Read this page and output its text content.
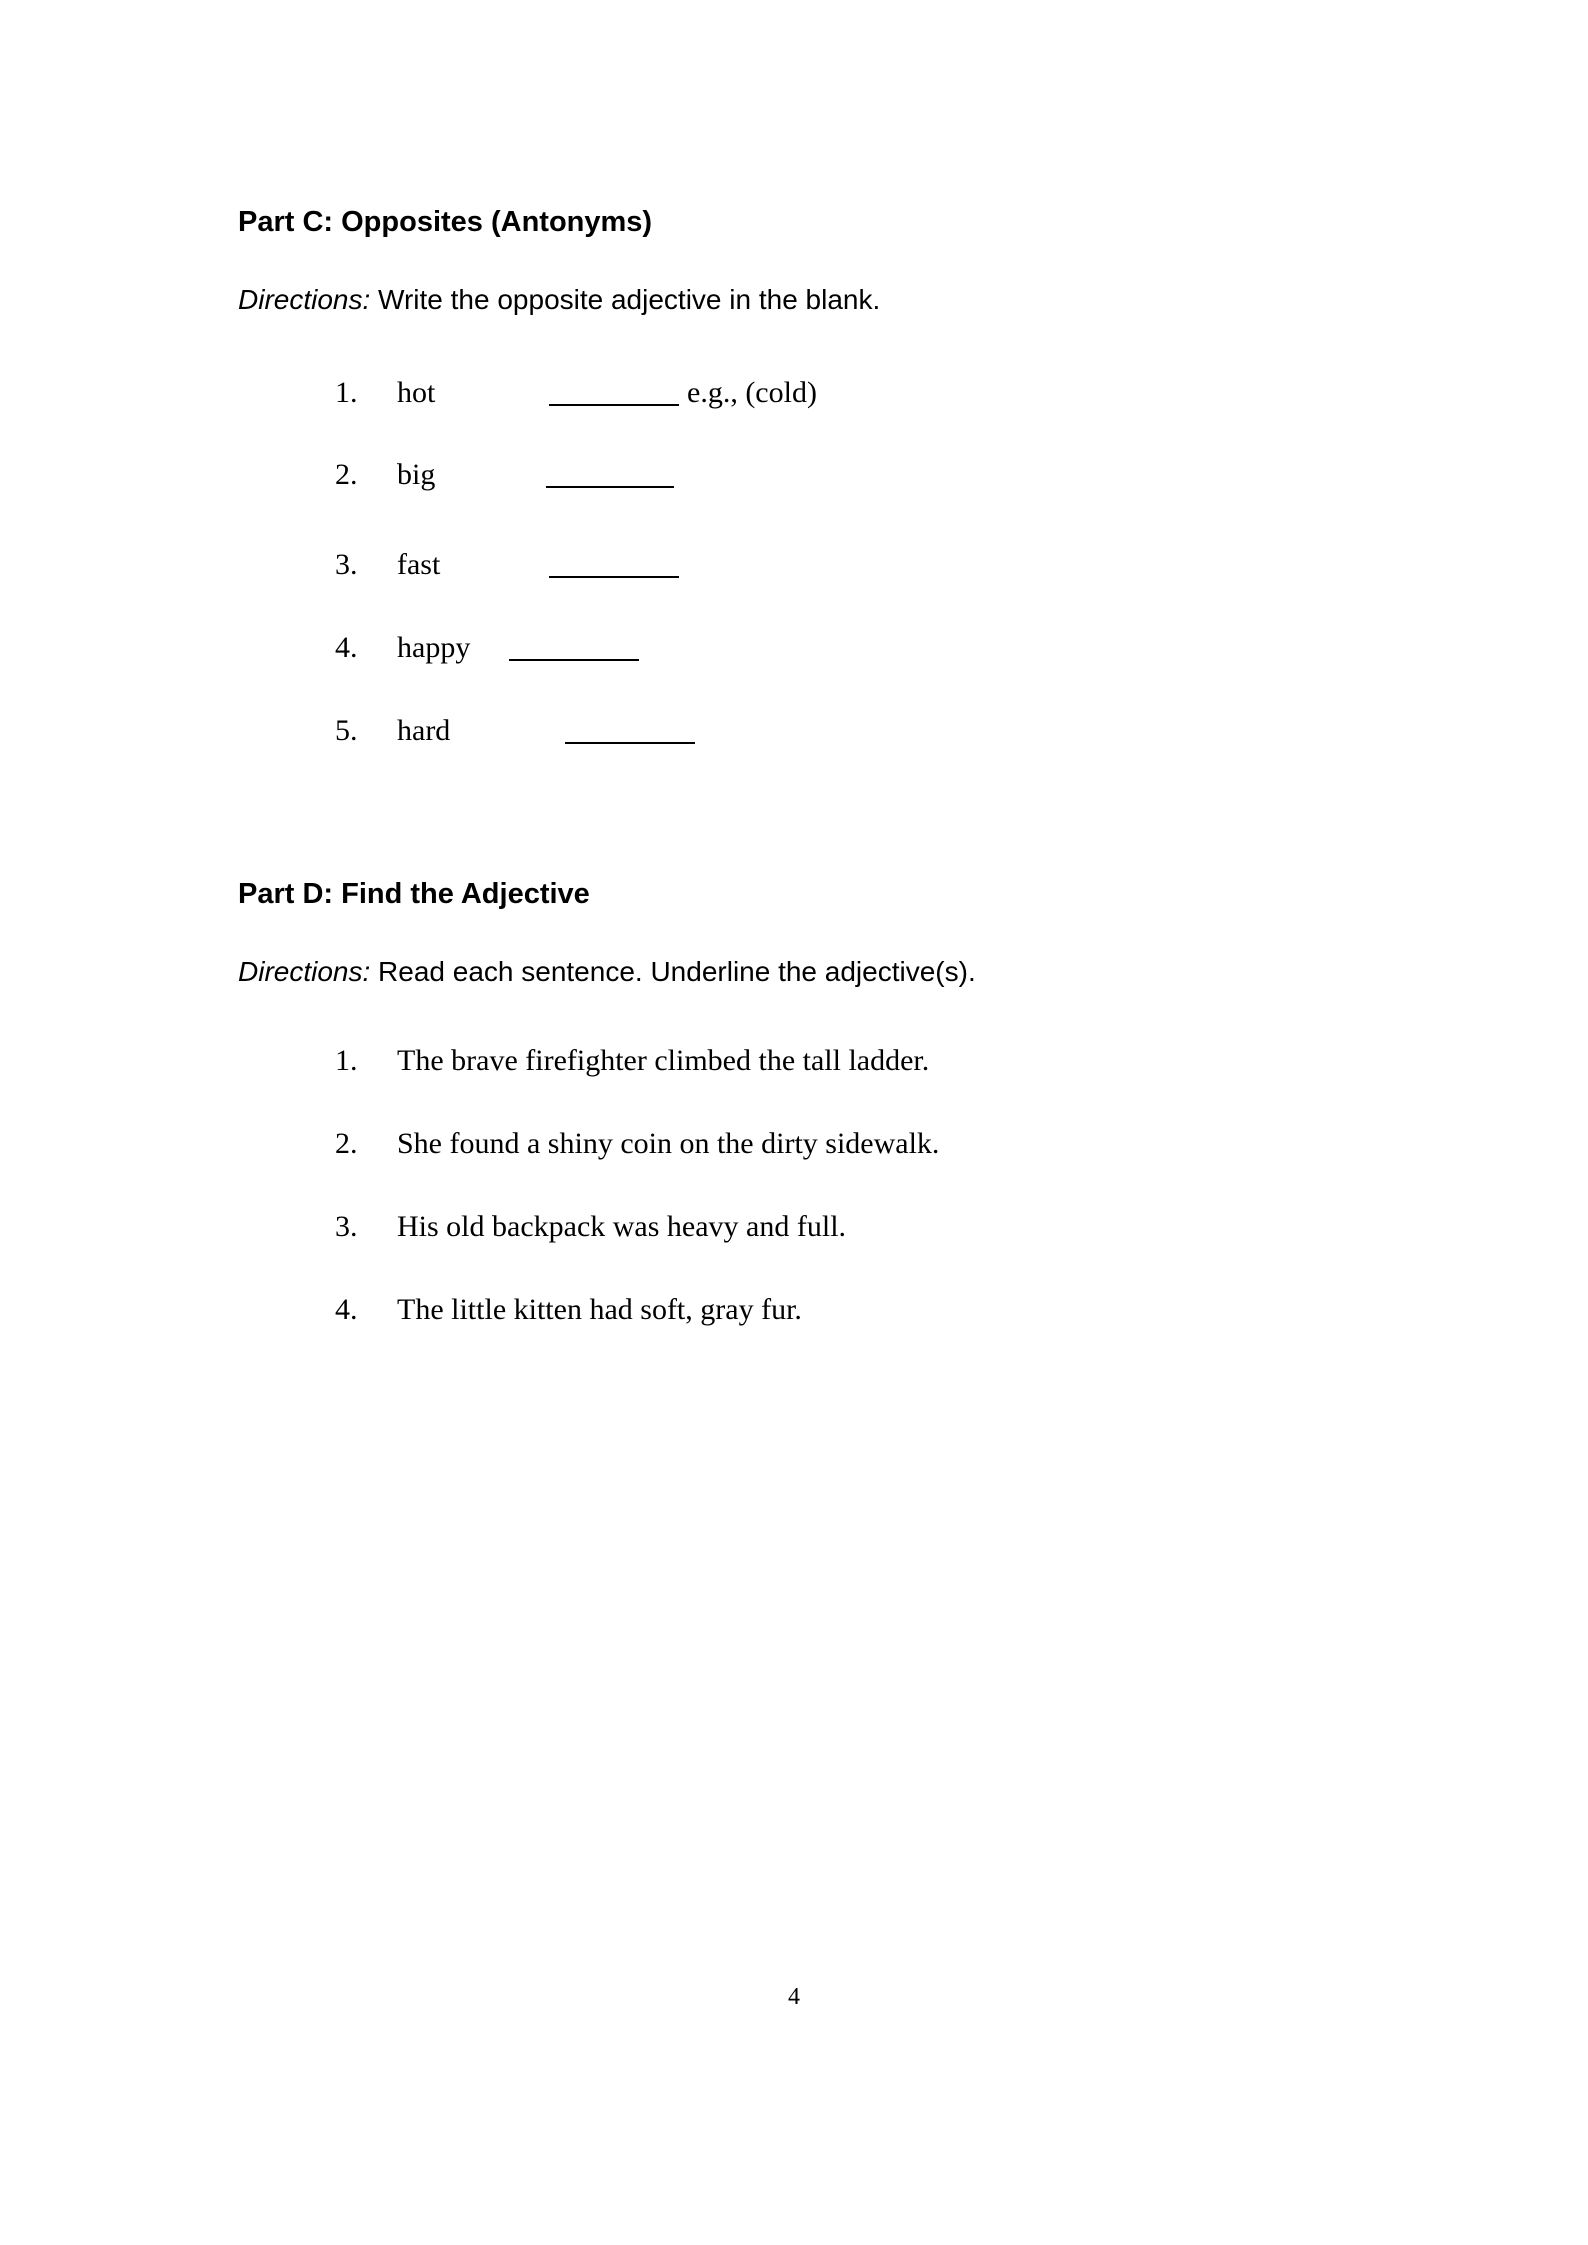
Part C: Opposites (Antonyms)
Directions: Write the opposite adjective in the blank.
1.	hot	e.g., (cold)
2.	big
3.	fast
4.	happy
5.	hard
Part D: Find the Adjective
Directions: Read each sentence. Underline the adjective(s).
1.	The brave firefighter climbed the tall ladder.
2.	She found a shiny coin on the dirty sidewalk.
3.	His old backpack was heavy and full.
4.	The little kitten had soft, gray fur.
4
